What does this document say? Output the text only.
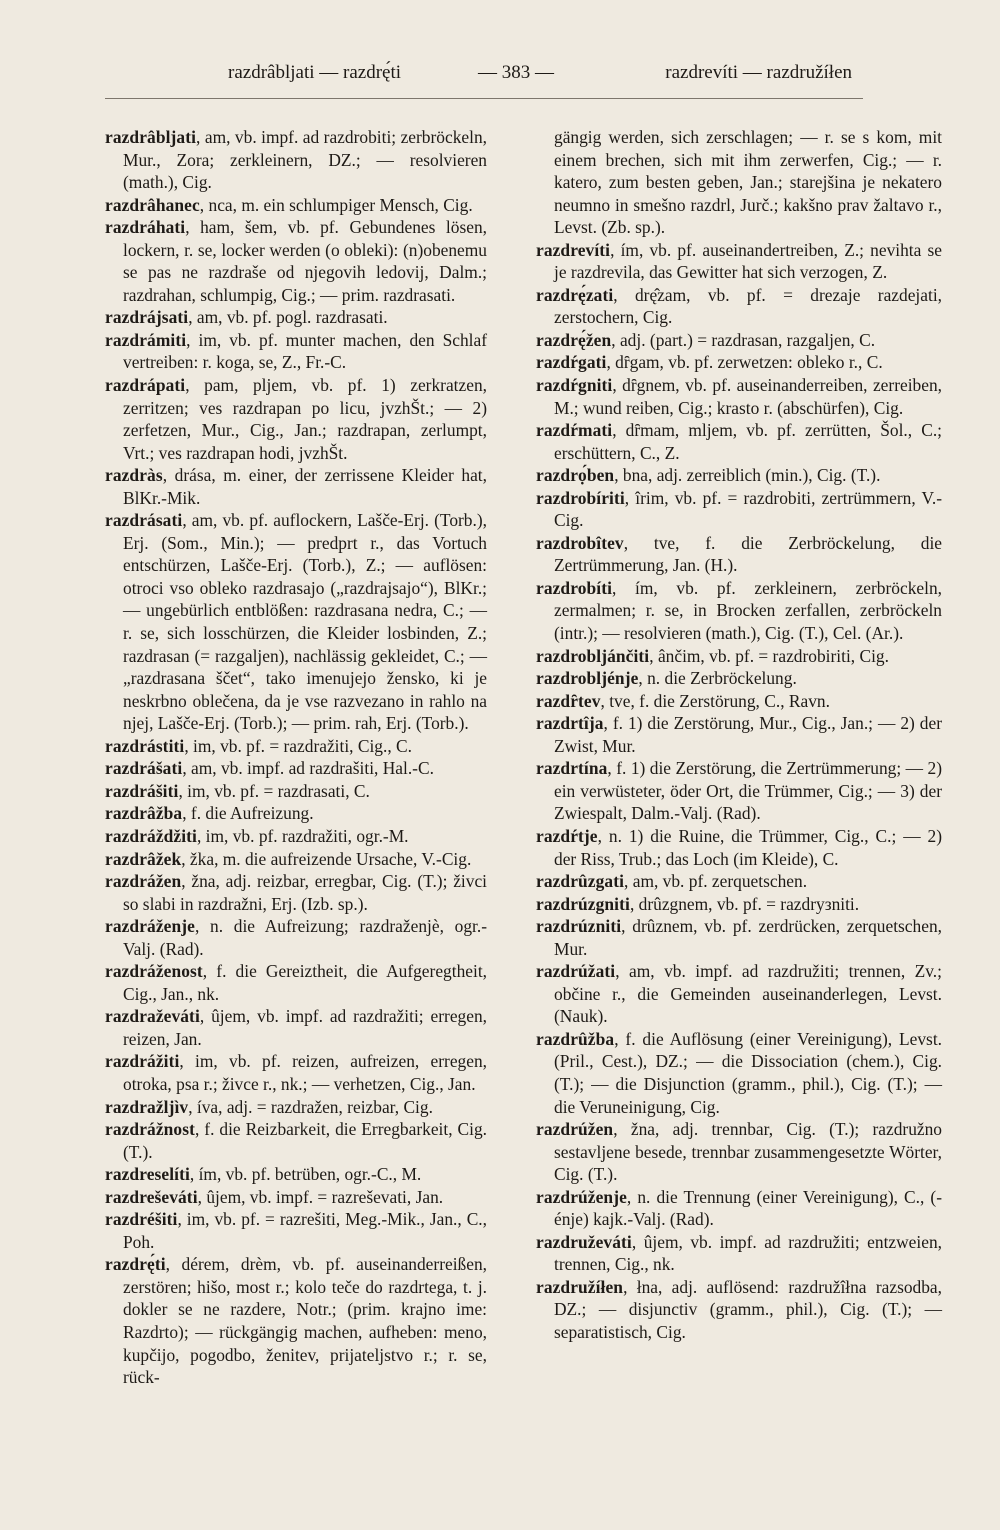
razdrâbljati — razdrę́ti	— 383 —	razdrevíti — razdružíłen

razdrâbljati, am, vb. impf. ad razdrobiti; zerbröckeln, Mur., Zora; zerkleinern, DZ.; — resolvieren (math.), Cig.

razdrâhanec, nca, m. ein schlumpiger Mensch, Cig.

razdráhati, ham, šem, vb. pf. Gebundenes lösen, lockern, r. se, locker werden (o obleki): (n)obenemu se pas ne razdraše od njegovih ledovij, Dalm.; razdrahan, schlumpig, Cig.; — prim. razdrasati.

razdrájsati, am, vb. pf. pogl. razdrasati.

razdrámiti, im, vb. pf. munter machen, den Schlaf vertreiben: r. koga, se, Z., Fr.-C.

razdrápati, pam, pljem, vb. pf. 1) zerkratzen, zerritzen; ves razdrapan po licu, jvzhŠt.; — 2) zerfetzen, Mur., Cig., Jan.; razdrapan, zerlumpt, Vrt.; ves razdrapan hodi, jvzhŠt.

razdràs, drása, m. einer, der zerrissene Kleider hat, BlKr.-Mik.

razdrásati, am, vb. pf. auflockern, Lašče-Erj. (Torb.), Erj. (Som., Min.); — predprt r., das Vortuch entschürzen, Lašče-Erj. (Torb.), Z.; — auflösen: otroci vso obleko razdrasajo („razdrajsajo“), BlKr.; — ungebürlich entblößen: razdrasana nedra, C.; — r. se, sich losschürzen, die Kleider losbinden, Z.; razdrasan (= razgaljen), nachlässig gekleidet, C.; — „razdrasana ščet“, tako imenujejo žensko, ki je neskrbno oblečena, da je vse razvezano in rahlo na njej, Lašče-Erj. (Torb.); — prim. rah, Erj. (Torb.).

razdrástiti, im, vb. pf. = razdražiti, Cig., C.

razdrášati, am, vb. impf. ad razdrašiti, Hal.-C.

razdrášiti, im, vb. pf. = razdrasati, C.

razdrâžba, f. die Aufreizung.

razdráždžiti, im, vb. pf. razdražiti, ogr.-M.

razdrâžek, žka, m. die aufreizende Ursache, V.-Cig.

razdrážen, žna, adj. reizbar, erregbar, Cig. (T.); živci so slabi in razdražni, Erj. (Izb. sp.).

razdráženje, n. die Aufreizung; razdraženjè, ogr.-Valj. (Rad).

razdrážеnost, f. die Gereiztheit, die Aufgeregtheit, Cig., Jan., nk.

razdraževáti, ûjem, vb. impf. ad razdražiti; erregen, reizen, Jan.

razdrážiti, im, vb. pf. reizen, aufreizen, erregen, otroka, psa r.; živce r., nk.; — verhetzen, Cig., Jan.

razdražljìv, íva, adj. = razdražen, reizbar, Cig.

razdrážnost, f. die Reizbarkeit, die Erregbarkeit, Cig. (T.).

razdreselíti, ím, vb. pf. betrüben, ogr.-C., M.

razdreševáti, ûjem, vb. impf. = razreševati, Jan.

razdréšiti, im, vb. pf. = razrešiti, Meg.-Mik., Jan., C., Poh.

razdrę́ti, dérem, drèm, vb. pf. auseinanderreißen, zerstören; hišo, most r.; kolo teče do razdrtega, t. j. dokler se ne razdere, Notr.; (prim. krajno ime: Razdrto); — rückgängig machen, aufheben: meno, kupčijo, pogodbo, ženitev, prijateljstvo r.; r. se, rück-

gängig werden, sich zerschlagen; — r. se s kom, mit einem brechen, sich mit ihm zerwerfen, Cig.; — r. katero, zum besten geben, Jan.; starejšina je nekatero neumno in smešno razdrl, Jurč.; kakšno prav žaltavo r., Levst. (Zb. sp.).

razdrevíti, ím, vb. pf. auseinandertreiben, Z.; nevihta se je razdrevila, das Gewitter hat sich verzogen, Z.

razdrę́zati, drę̂zam, vb. pf. = drezaje razdejati, zerstochern, Cig.

razdrę́žen, adj. (part.) = razdrasan, razgaljen, C.

razdŕgati, dȓgam, vb. pf. zerwetzen: obleko r., C.

razdŕgniti, dȓgnem, vb. pf. auseinanderreiben, zerreiben, M.; wund reiben, Cig.; krasto r. (abschürfen), Cig.

razdŕmati, dȓmam, mljem, vb. pf. zerrütten, Šol., C.; erschüttern, C., Z.

razdrọ́ben, bna, adj. zerreiblich (min.), Cig. (T.).

razdrobíriti, îrim, vb. pf. = razdrobiti, zertrümmern, V.-Cig.

razdrobîtev, tve, f. die Zerbröckelung, die Zertrümmerung, Jan. (H.).

razdrobíti, ím, vb. pf. zerkleinern, zerbröckeln, zermalmen; r. se, in Brocken zerfallen, zerbröckeln (intr.); — resolvieren (math.), Cig. (T.), Cel. (Ar.).

razdrobljánčiti, ânčim, vb. pf. = razdrobiriti, Cig.

razdrobljénje, n. die Zerbröckelung.

razdȓtev, tve, f. die Zerstörung, C., Ravn.

razdrtîja, f. 1) die Zerstörung, Mur., Cig., Jan.; — 2) der Zwist, Mur.

razdrtína, f. 1) die Zerstörung, die Zertrümmerung; — 2) ein verwüsteter, öder Ort, die Trümmer, Cig.; — 3) der Zwiespalt, Dalm.-Valj. (Rad).

razdŕtje, n. 1) die Ruine, die Trümmer, Cig., C.; — 2) der Riss, Trub.; das Loch (im Kleide), C.

razdrûzgati, am, vb. pf. zerquetschen.

razdrúzgniti, drûzgnem, vb. pf. = razdrузniti.

razdrúzniti, drûznem, vb. pf. zerdrücken, zerquetschen, Mur.

razdrúžati, am, vb. impf. ad razdružiti; trennen, Zv.; občine r., die Gemeinden auseinanderlegen, Levst. (Nauk).

razdrûžba, f. die Auflösung (einer Vereinigung), Levst. (Pril., Cest.), DZ.; — die Dissociation (chem.), Cig. (T.); — die Disjunction (gramm., phil.), Cig. (T.); — die Veruneinigung, Cig.

razdrúžen, žna, adj. trennbar, Cig. (T.); razdružno sestavljene besede, trennbar zusammengesetzte Wörter, Cig. (T.).

razdrúženje, n. die Trennung (einer Vereinigung), C., (-énje) kajk.-Valj. (Rad).

razdruževáti, ûjem, vb. impf. ad razdružiti; entzweien, trennen, Cig., nk.

razdružíłen, łna, adj. auflösend: razdružîłna razsodba, DZ.; — disjunctiv (gramm., phil.), Cig. (T.); — separatistisch, Cig.
